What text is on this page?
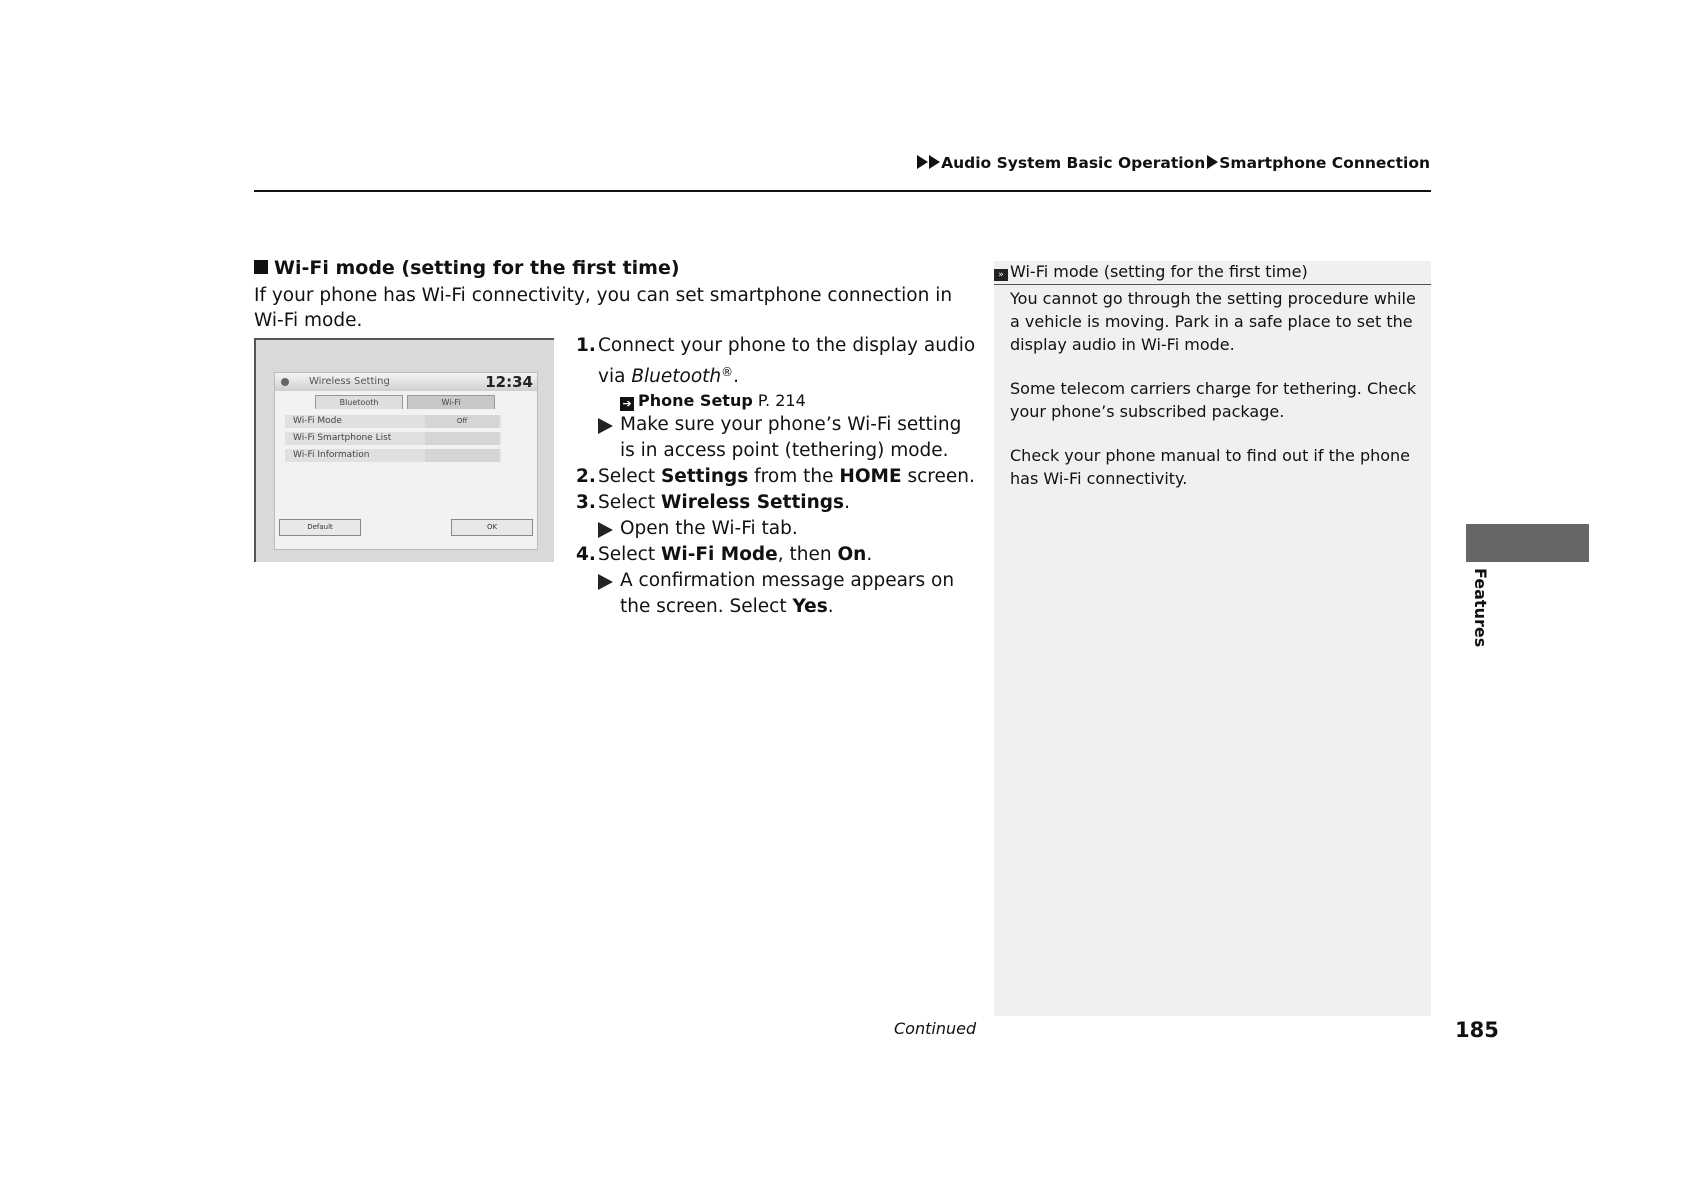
Audio System Basic Operation Smartphone Connection
Wi-Fi mode (setting for the first time)
If your phone has Wi-Fi connectivity, you can set smartphone connection in Wi-Fi mode.
Wireless Setting	12:34
Bluetooth	Wi-Fi
Wi-Fi Mode	Off
Wi-Fi Smartphone List
Wi-Fi Information
Default	OK
1. Connect your phone to the display audio via Bluetooth®.
➔ Phone Setup P. 214
Make sure your phone’s Wi-Fi setting is in access point (tethering) mode.
2. Select Settings from the HOME screen.
3. Select Wireless Settings.
Open the Wi-Fi tab.
4. Select Wi-Fi Mode, then On.
A confirmation message appears on the screen. Select Yes.
» Wi-Fi mode (setting for the first time)

You cannot go through the setting procedure while a vehicle is moving. Park in a safe place to set the display audio in Wi-Fi mode.

Some telecom carriers charge for tethering. Check your phone’s subscribed package.

Check your phone manual to find out if the phone has Wi-Fi connectivity.

Features
Continued	185
